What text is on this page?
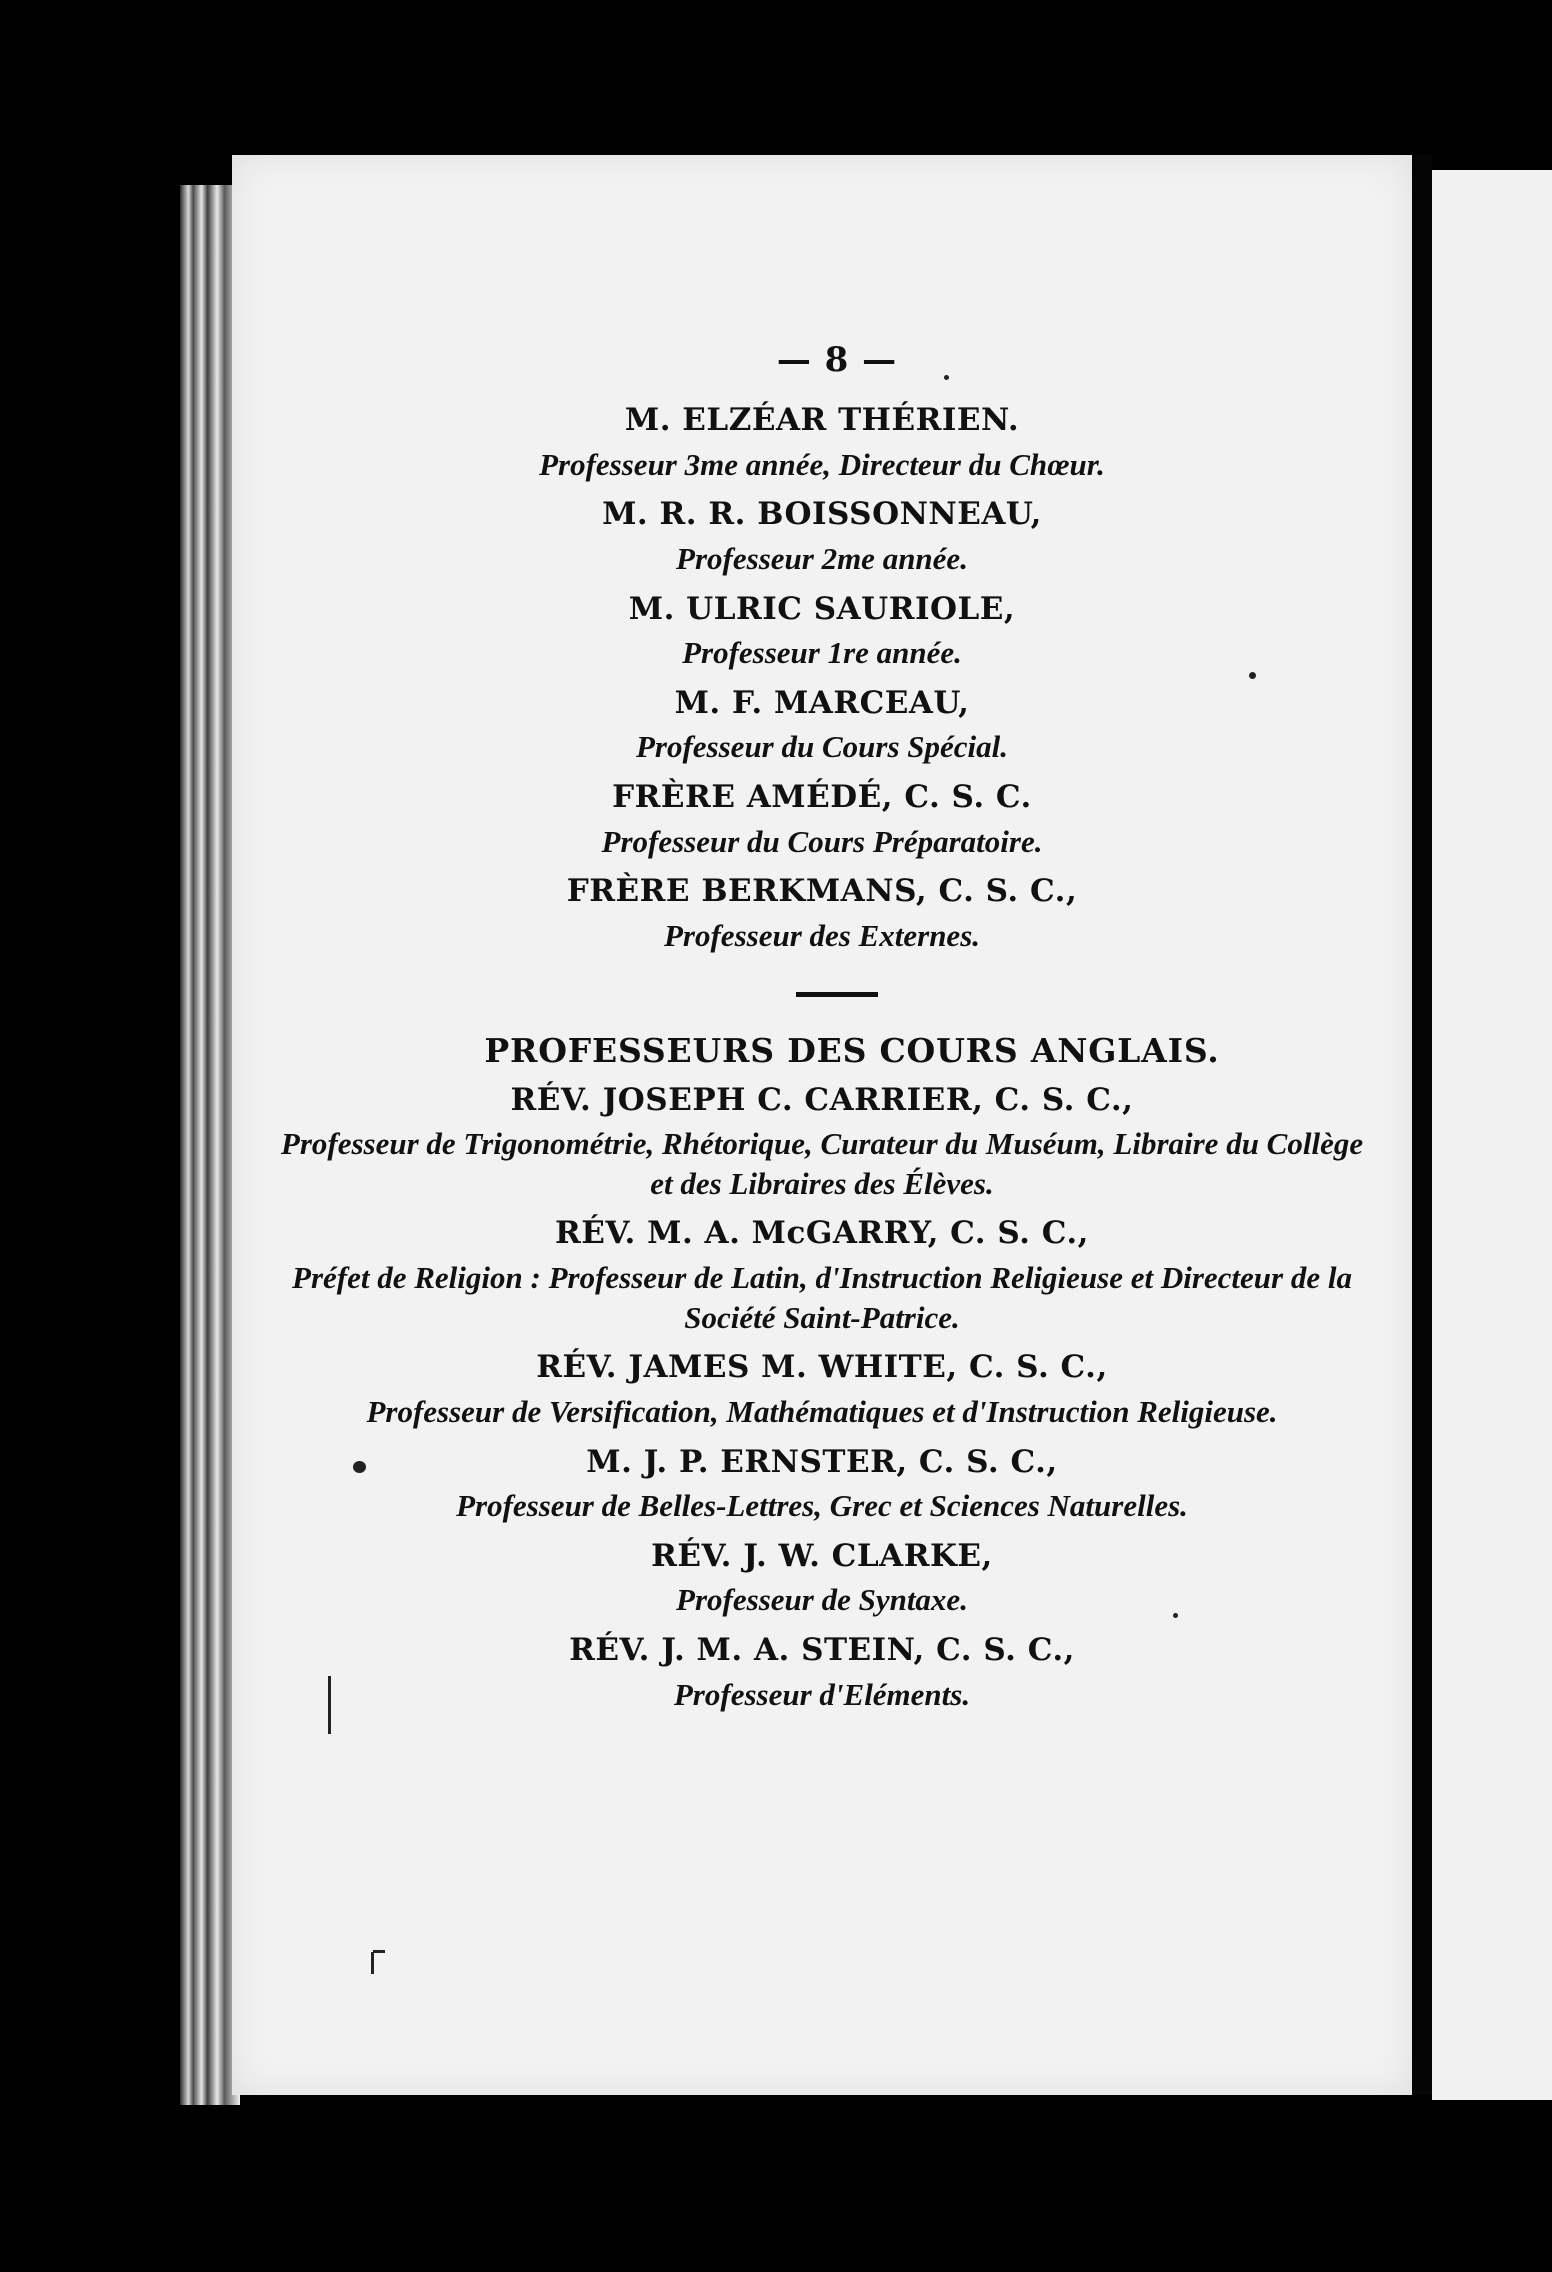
— 8 —
M. ELZÉAR THÉRIEN.
Professeur 3me année, Directeur du Chœur.
M. R. R. BOISSONNEAU,
Professeur 2me année.
M. ULRIC SAURIOLE,
Professeur 1re année.
M. F. MARCEAU,
Professeur du Cours Spécial.
FRÈRE AMÉDÉ, C. S. C.
Professeur du Cours Préparatoire.
FRÈRE BERKMANS, C. S. C.,
Professeur des Externes.
PROFESSEURS DES COURS ANGLAIS.
RÉV. JOSEPH C. CARRIER, C. S. C.,
Professeur de Trigonométrie, Rhétorique, Curateur du Muséum, Libraire du Collège et des Libraires des Élèves.
RÉV. M. A. McGARRY, C. S. C.,
Préfet de Religion : Professeur de Latin, d'Instruction Religieuse et Directeur de la Société Saint-Patrice.
RÉV. JAMES M. WHITE, C. S. C.,
Professeur de Versification, Mathématiques et d'Instruction Religieuse.
M. J. P. ERNSTER, C. S. C.,
Professeur de Belles-Lettres, Grec et Sciences Naturelles.
RÉV. J. W. CLARKE,
Professeur de Syntaxe.
RÉV. J. M. A. STEIN, C. S. C.,
Professeur d'Eléments.
